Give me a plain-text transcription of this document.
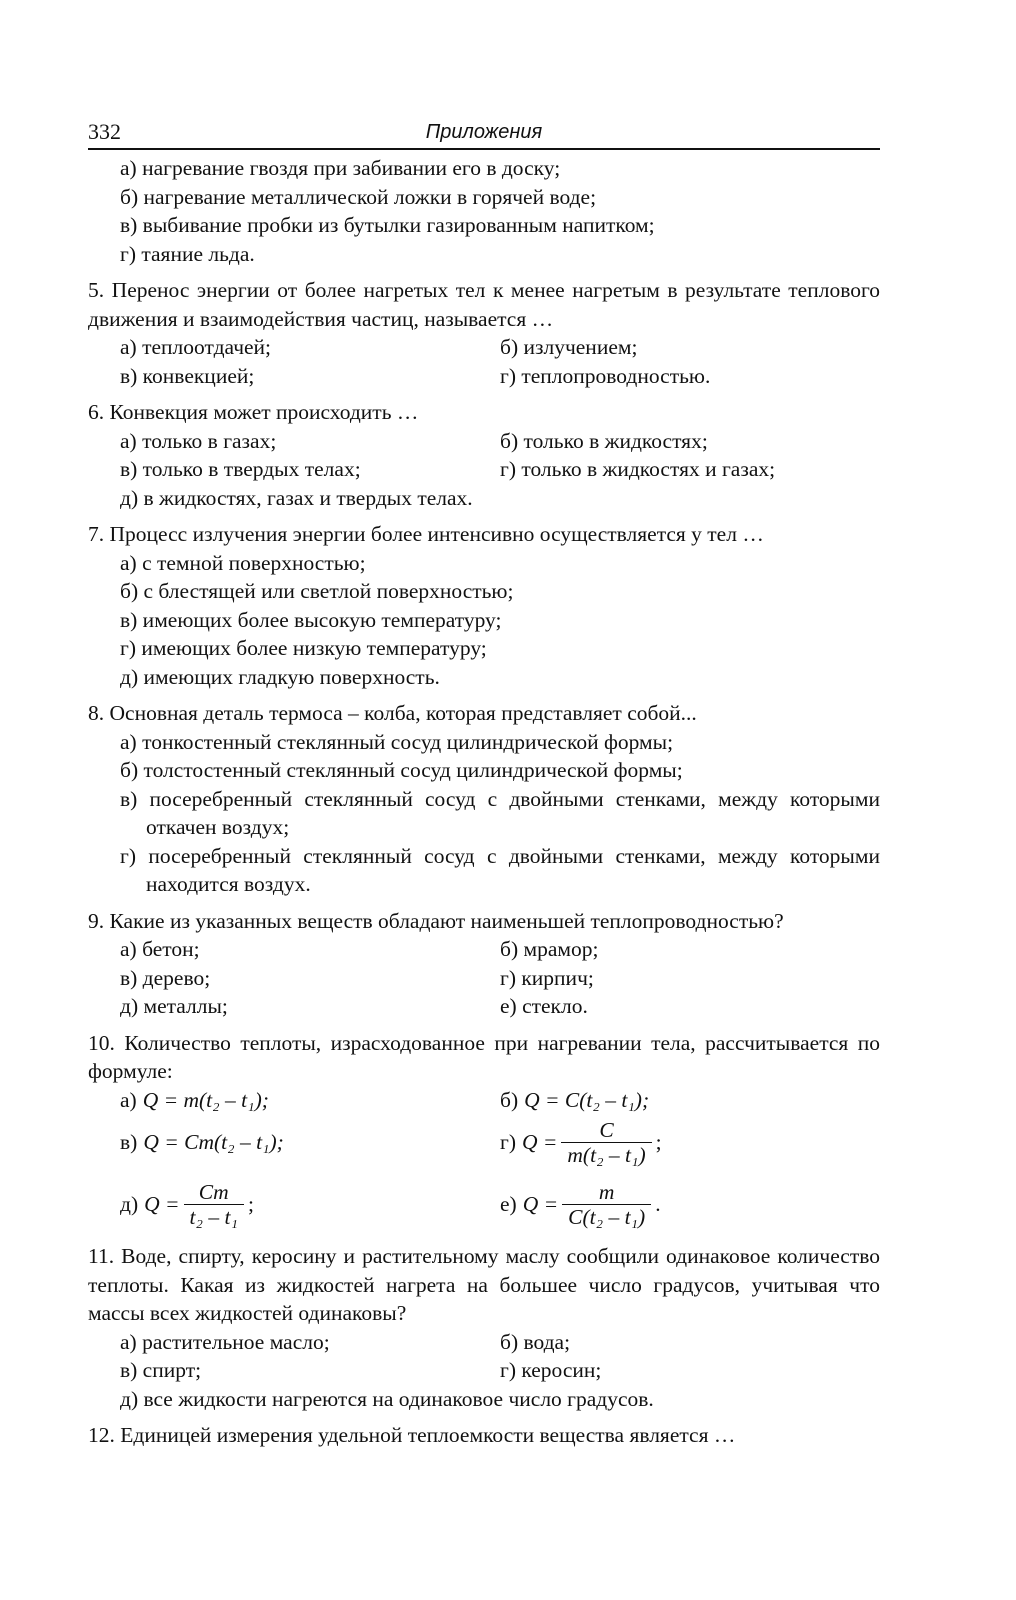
332	Приложения
а) нагревание гвоздя при забивании его в доску;
б) нагревание металлической ложки в горячей воде;
в) выбивание пробки из бутылки газированным напитком;
г) таяние льда.
5. Перенос энергии от более нагретых тел к менее нагретым в результате теплового движения и взаимодействия частиц, называется …
а) теплоотдачей;	б) излучением;
в) конвекцией;	г) теплопроводностью.
6. Конвекция может происходить …
а) только в газах;	б) только в жидкостях;
в) только в твердых телах;	г) только в жидкостях и газах;
д) в жидкостях, газах и твердых телах.
7. Процесс излучения энергии более интенсивно осуществляется у тел …
а) с темной поверхностью;
б) с блестящей или светлой поверхностью;
в) имеющих более высокую температуру;
г) имеющих более низкую температуру;
д) имеющих гладкую поверхность.
8. Основная деталь термоса – колба, которая представляет собой...
а) тонкостенный стеклянный сосуд цилиндрической формы;
б) толстостенный стеклянный сосуд цилиндрической формы;
в) посеребренный стеклянный сосуд с двойными стенками, между которыми откачен воздух;
г) посеребренный стеклянный сосуд с двойными стенками, между которыми находится воздух.
9. Какие из указанных веществ обладают наименьшей теплопроводностью?
а) бетон;	б) мрамор;
в) дерево;	г) кирпич;
д) металлы;	е) стекло.
10. Количество теплоты, израсходованное при нагревании тела, рассчитывается по формуле:
а) Q = m(t₂ – t₁);	б) Q = C(t₂ – t₁);
в) Q = Cm(t₂ – t₁);	г) $Q = \frac{C}{\text{m(t₂ – t₁)}}$ ;
д) $Q = \frac{Cm}{\text{t₂ – t₁}}$ ;	е) $Q = \frac{m}{\text{C(t₂ – t₁)}}$ .
11. Воде, спирту, керосину и растительному маслу сообщили одинаковое количество теплоты. Какая из жидкостей нагрета на большее число градусов, учитывая что массы всех жидкостей одинаковы?
а) растительное масло;	б) вода;
в) спирт;	г) керосин;
д) все жидкости нагреются на одинаковое число градусов.
12. Единицей измерения удельной теплоемкости вещества является …
